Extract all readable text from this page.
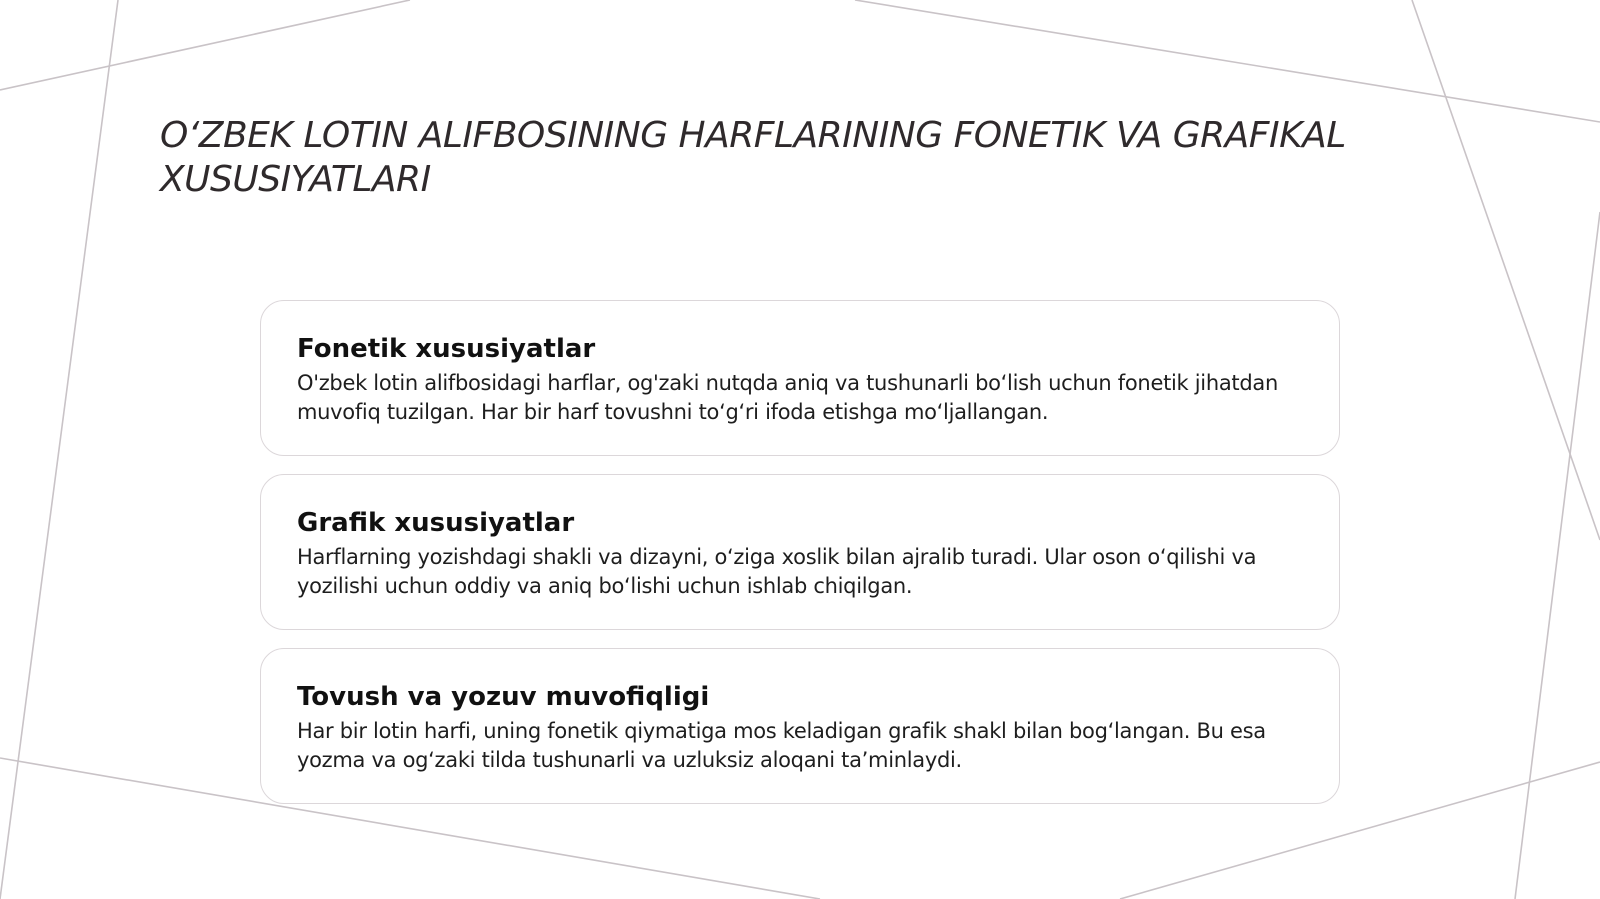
O‘ZBEK LOTIN ALIFBOSINING HARFLARINING FONETIK VA GRAFIKAL XUSUSIYATLARI
Fonetik xususiyatlar

O'zbek lotin alifbosidagi harflar, og'zaki nutqda aniq va tushunarli bo‘lish uchun fonetik jihatdan muvofiq tuzilgan. Har bir harf tovushni to‘g‘ri ifoda etishga mo‘ljallangan.

Grafik xususiyatlar

Harflarning yozishdagi shakli va dizayni, o‘ziga xoslik bilan ajralib turadi. Ular oson o‘qilishi va yozilishi uchun oddiy va aniq bo‘lishi uchun ishlab chiqilgan.

Tovush va yozuv muvofiqligi

Har bir lotin harfi, uning fonetik qiymatiga mos keladigan grafik shakl bilan bog‘langan. Bu esa yozma va og‘zaki tilda tushunarli va uzluksiz aloqani ta’minlaydi.
